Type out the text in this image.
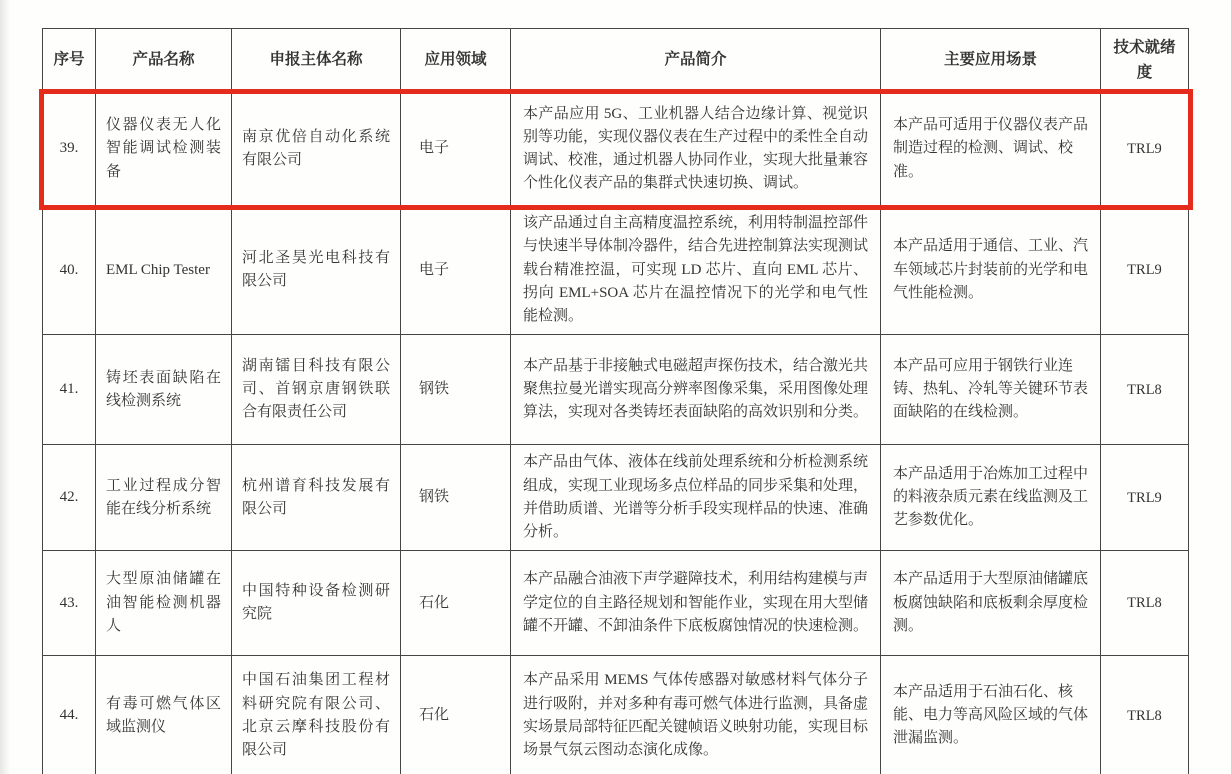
序号	产品名称	申报主体名称	应用领域	产品简介	主要应用场景	技术就绪度
39.	仪器仪表无人化智能调试检测装备	南京优倍自动化系统有限公司	电子	本产品应用 5G、工业机器人结合边缘计算、视觉识别等功能，实现仪器仪表在生产过程中的柔性全自动调试、校准，通过机器人协同作业，实现大批量兼容个性化仪表产品的集群式快速切换、调试。	本产品可适用于仪器仪表产品制造过程的检测、调试、校准。	TRL9
40.	EML Chip Tester	河北圣昊光电科技有限公司	电子	该产品通过自主高精度温控系统，利用特制温控部件与快速半导体制冷器件，结合先进控制算法实现测试载台精准控温，可实现 LD 芯片、直向 EML 芯片、拐向 EML+SOA 芯片在温控情况下的光学和电气性能检测。	本产品适用于通信、工业、汽车领域芯片封装前的光学和电气性能检测。	TRL9
41.	铸坯表面缺陷在线检测系统	湖南镭目科技有限公司、首钢京唐钢铁联合有限责任公司	钢铁	本产品基于非接触式电磁超声探伤技术，结合激光共聚焦拉曼光谱实现高分辨率图像采集，采用图像处理算法，实现对各类铸坯表面缺陷的高效识别和分类。	本产品可应用于钢铁行业连铸、热轧、冷轧等关键环节表面缺陷的在线检测。	TRL8
42.	工业过程成分智能在线分析系统	杭州谱育科技发展有限公司	钢铁	本产品由气体、液体在线前处理系统和分析检测系统组成，实现工业现场多点位样品的同步采集和处理，并借助质谱、光谱等分析手段实现样品的快速、准确分析。	本产品适用于冶炼加工过程中的料液杂质元素在线监测及工艺参数优化。	TRL9
43.	大型原油储罐在油智能检测机器人	中国特种设备检测研究院	石化	本产品融合油液下声学避障技术，利用结构建模与声学定位的自主路径规划和智能作业，实现在用大型储罐不开罐、不卸油条件下底板腐蚀情况的快速检测。	本产品适用于大型原油储罐底板腐蚀缺陷和底板剩余厚度检测。	TRL8
44.	有毒可燃气体区域监测仪	中国石油集团工程材料研究院有限公司、北京云摩科技股份有限公司	石化	本产品采用 MEMS 气体传感器对敏感材料气体分子进行吸附，并对多种有毒可燃气体进行监测，具备虚实场景局部特征匹配关键帧语义映射功能，实现目标场景气氛云图动态演化成像。	本产品适用于石油石化、核能、电力等高风险区域的气体泄漏监测。	TRL8
